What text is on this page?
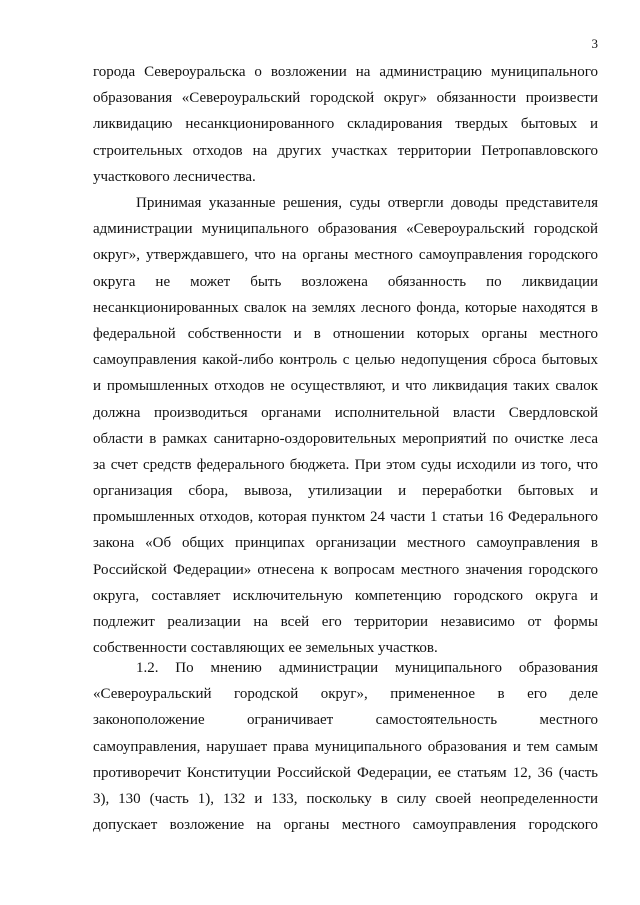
3
города Североуральска о возложении на администрацию муниципального
образования «Североуральский городской округ» обязанности произвести
ликвидацию несанкционированного складирования твердых бытовых и
строительных отходов на других участках территории Петропавловского
участкового лесничества.
Принимая указанные решения, суды отвергли доводы представителя
администрации муниципального образования «Североуральский городской
округ», утверждавшего, что на органы местного самоуправления городского
округа не может быть возложена обязанность по ликвидации
несанкционированных свалок на землях лесного фонда, которые находятся в
федеральной собственности и в отношении которых органы местного
самоуправления какой-либо контроль с целью недопущения сброса бытовых
и промышленных отходов не осуществляют, и что ликвидация таких свалок
должна производиться органами исполнительной власти Свердловской
области в рамках санитарно-оздоровительных мероприятий по очистке леса
за счет средств федерального бюджета. При этом суды исходили из того, что
организация сбора, вывоза, утилизации и переработки бытовых и
промышленных отходов, которая пунктом 24 части 1 статьи 16 Федерального
закона «Об общих принципах организации местного самоуправления в
Российской Федерации» отнесена к вопросам местного значения городского
округа, составляет исключительную компетенцию городского округа и
подлежит реализации на всей его территории независимо от формы
собственности составляющих ее земельных участков.
1.2. По мнению администрации муниципального образования
«Североуральский городской округ», примененное в его деле
законоположение ограничивает самостоятельность местного
самоуправления, нарушает права муниципального образования и тем самым
противоречит Конституции Российской Федерации, ее статьям 12, 36 (часть
3), 130 (часть 1), 132 и 133, поскольку в силу своей неопределенности
допускает возложение на органы местного самоуправления городского
